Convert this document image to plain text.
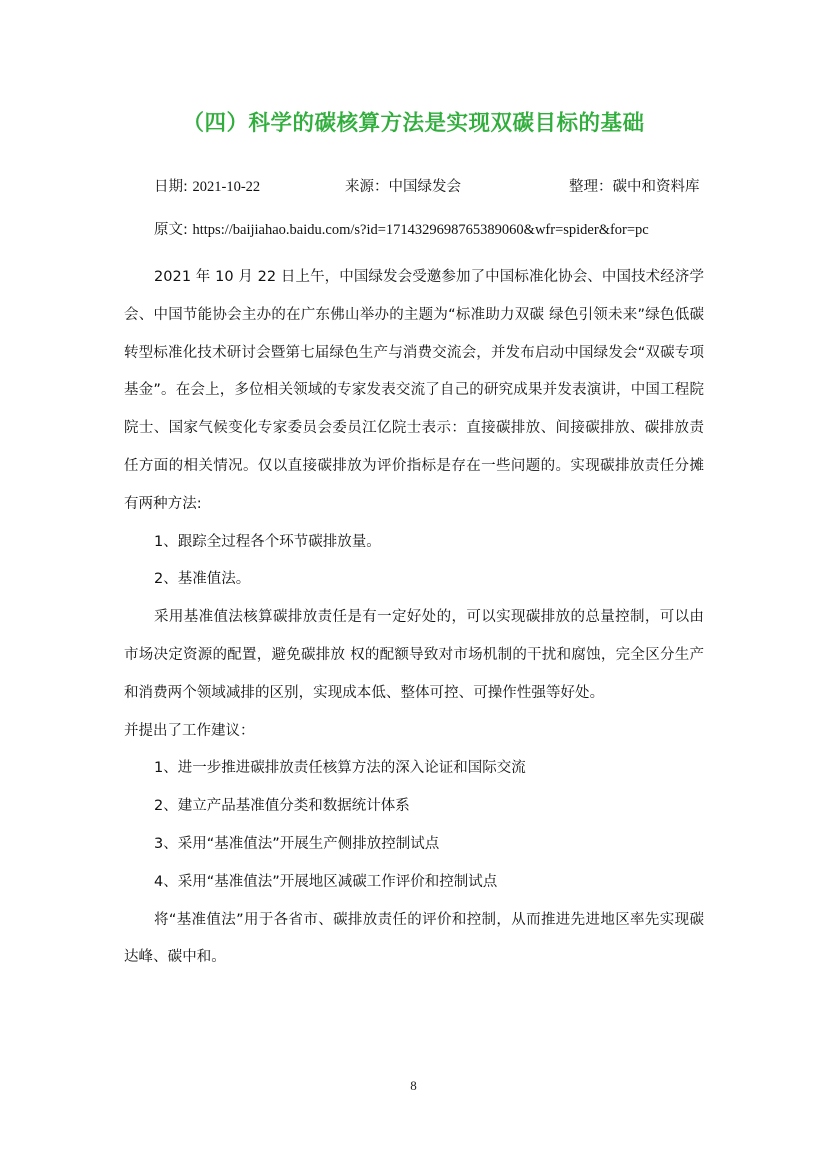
（四）科学的碳核算方法是实现双碳目标的基础
日期: 2021-10-22	来源：中国绿发会	整理：碳中和资料库
原文: https://baijiahao.baidu.com/s?id=1714329698765389060&wfr=spider&for=pc

2021 年 10 月 22 日上午，中国绿发会受邀参加了中国标准化协会、中国技术经济学会、中国节能协会主办的在广东佛山举办的主题为“标准助力双碳 绿色引领未来”绿色低碳转型标准化技术研讨会暨第七届绿色生产与消费交流会，并发布启动中国绿发会“双碳专项基金”。在会上，多位相关领域的专家发表交流了自己的研究成果并发表演讲，中国工程院院士、国家气候变化专家委员会委员江亿院士表示：直接碳排放、间接碳排放、碳排放责任方面的相关情况。仅以直接碳排放为评价指标是存在一些问题的。实现碳排放责任分摊有两种方法:

1、跟踪全过程各个环节碳排放量。

2、基准值法。

采用基准值法核算碳排放责任是有一定好处的，可以实现碳排放的总量控制，可以由市场决定资源的配置，避免碳排放 权的配额导致对市场机制的干扰和腐蚀，完全区分生产和消费两个领域减排的区别，实现成本低、整体可控、可操作性强等好处。

并提出了工作建议：

1、进一步推进碳排放责任核算方法的深入论证和国际交流

2、建立产品基准值分类和数据统计体系

3、采用“基准值法”开展生产侧排放控制试点

4、采用“基准值法”开展地区减碳工作评价和控制试点

将“基准值法”用于各省市、碳排放责任的评价和控制，从而推进先进地区率先实现碳达峰、碳中和。

8
